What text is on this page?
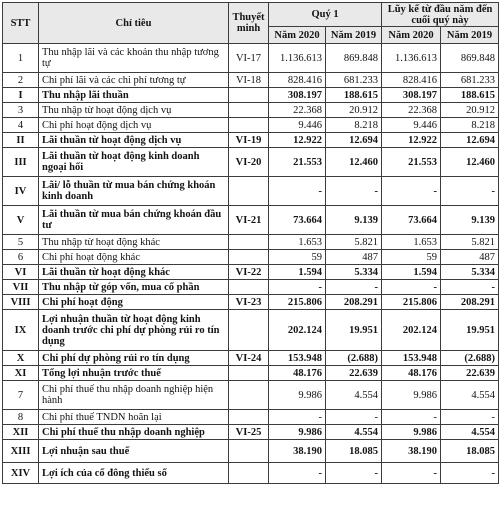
STT	Chỉ tiêu	Thuyết minh	Quý 1		Lũy kế từ đầu năm đến cuối quý này	
			Năm 2020	Năm 2019	Năm 2020	Năm 2019
1	Thu nhập lãi và các khoản thu nhập tương tự	VI-17	1.136.613	869.848	1.136.613	869.848
2	Chi phí lãi và các chi phí tương tự	VI-18	828.416	681.233	828.416	681.233
I	Thu nhập lãi thuần		308.197	188.615	308.197	188.615
3	Thu nhập từ hoạt động dịch vụ		22.368	20.912	22.368	20.912
4	Chi phí hoạt động dịch vụ		9.446	8.218	9.446	8.218
II	Lãi thuần từ hoạt động dịch vụ	VI-19	12.922	12.694	12.922	12.694
III	Lãi thuần từ hoạt động kinh doanh ngoại hối	VI-20	21.553	12.460	21.553	12.460
IV	Lãi/ lỗ thuần từ mua bán chứng khoán kinh doanh		-	-	-	-
V	Lãi thuần từ mua bán chứng khoán đầu tư	VI-21	73.664	9.139	73.664	9.139
5	Thu nhập từ hoạt động khác		1.653	5.821	1.653	5.821
6	Chi phí hoạt động khác		59	487	59	487
VI	Lãi thuần từ hoạt động khác	VI-22	1.594	5.334	1.594	5.334
VII	Thu nhập từ góp vốn, mua cổ phần		-	-	-	-
VIII	Chi phí hoạt động	VI-23	215.806	208.291	215.806	208.291
IX	Lợi nhuận thuần từ hoạt động kinh doanh trước chi phí dự phòng rủi ro tín dụng		202.124	19.951	202.124	19.951
X	Chi phí dự phòng rủi ro tín dụng	VI-24	153.948	(2.688)	153.948	(2.688)
XI	Tổng lợi nhuận trước thuế		48.176	22.639	48.176	22.639
7	Chi phí thuế thu nhập doanh nghiệp hiện hành		9.986	4.554	9.986	4.554
8	Chi phí thuế TNDN hoãn lại		-	-	-	-
XII	Chi phí thuế thu nhập doanh nghiệp	VI-25	9.986	4.554	9.986	4.554
XIII	Lợi nhuận sau thuế		38.190	18.085	38.190	18.085
XIV	Lợi ích của cổ đông thiểu số		-	-	-	-
